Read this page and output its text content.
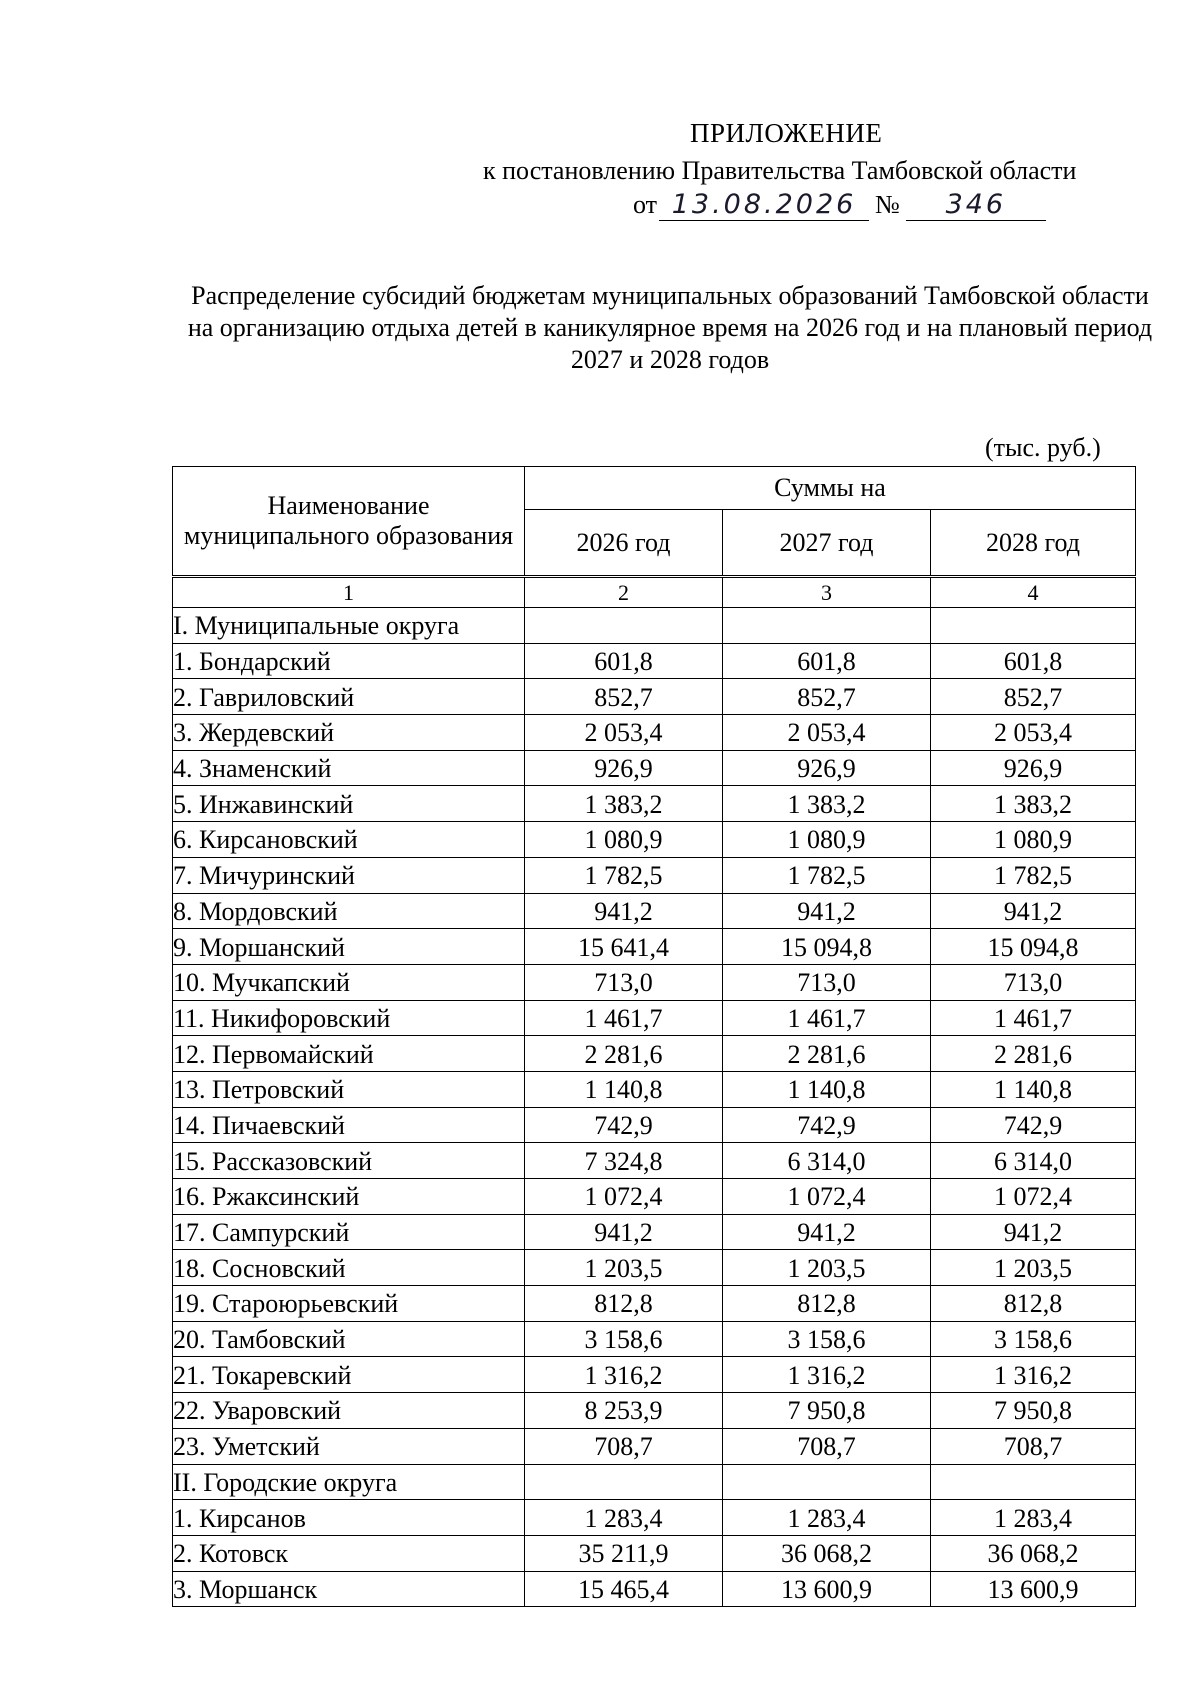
ПРИЛОЖЕНИЕ
к постановлению Правительства Тамбовской области
от 13.08.2026 № 346
Распределение субсидий бюджетам муниципальных образований Тамбовской области на организацию отдыха детей в каникулярное время на 2026 год и на плановый период 2027 и 2028 годов
(тыс. руб.)
Наименование муниципального образования	Суммы на		
	2026 год	2027 год	2028 год
1	2	3	4
I. Муниципальные округа			
1. Бондарский	601,8	601,8	601,8
2. Гавриловский	852,7	852,7	852,7
3. Жердевский	2 053,4	2 053,4	2 053,4
4. Знаменский	926,9	926,9	926,9
5. Инжавинский	1 383,2	1 383,2	1 383,2
6. Кирсановский	1 080,9	1 080,9	1 080,9
7. Мичуринский	1 782,5	1 782,5	1 782,5
8. Мордовский	941,2	941,2	941,2
9. Моршанский	15 641,4	15 094,8	15 094,8
10. Мучкапский	713,0	713,0	713,0
11. Никифоровский	1 461,7	1 461,7	1 461,7
12. Первомайский	2 281,6	2 281,6	2 281,6
13. Петровский	1 140,8	1 140,8	1 140,8
14. Пичаевский	742,9	742,9	742,9
15. Рассказовский	7 324,8	6 314,0	6 314,0
16. Ржаксинский	1 072,4	1 072,4	1 072,4
17. Сампурский	941,2	941,2	941,2
18. Сосновский	1 203,5	1 203,5	1 203,5
19. Староюрьевский	812,8	812,8	812,8
20. Тамбовский	3 158,6	3 158,6	3 158,6
21. Токаревский	1 316,2	1 316,2	1 316,2
22. Уваровский	8 253,9	7 950,8	7 950,8
23. Уметский	708,7	708,7	708,7
II. Городские округа			
1. Кирсанов	1 283,4	1 283,4	1 283,4
2. Котовск	35 211,9	36 068,2	36 068,2
3. Моршанск	15 465,4	13 600,9	13 600,9
